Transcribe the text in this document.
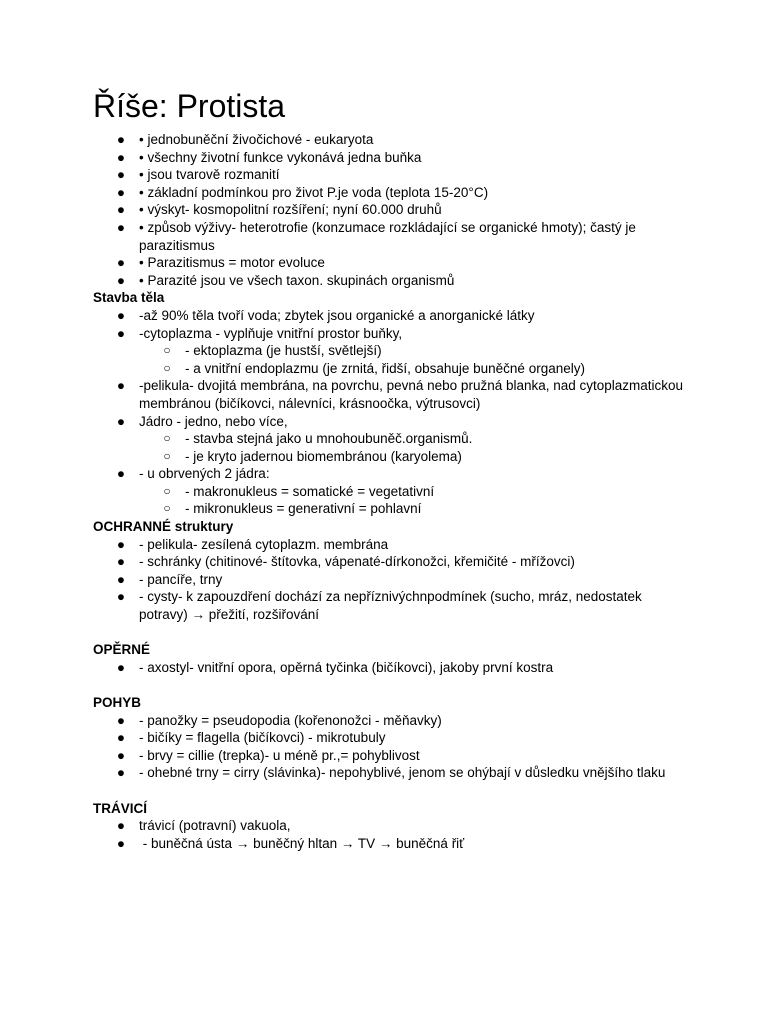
Říše: Protista
● • jednobuněční živočichové - eukaryota
● • všechny životní funkce vykonává jedna buňka
● • jsou tvarově rozmanití
● • základní podmínkou pro život P.je voda (teplota 15-20°C)
● • výskyt- kosmopolitní rozšíření; nyní 60.000 druhů
● • způsob výživy- heterotrofie (konzumace rozkládající se organické hmoty); častý je parazitismus
● • Parazitismus = motor evoluce
● • Parazité jsou ve všech taxon. skupinách organismů
Stavba těla
● -až 90% těla tvoří voda; zbytek jsou organické a anorganické látky
● -cytoplazma - vyplňuje vnitřní prostor buňky,
○ - ektoplazma (je hustší, světlejší)
○ - a vnitřní endoplazmu (je zrnitá, řidší, obsahuje buněčné organely)
● -pelikula- dvojitá membrána, na povrchu, pevná nebo pružná blanka, nad cytoplazmatickou membránou (bičíkovci, nálevníci, krásnoočka, výtrusovci)
● Jádro - jedno, nebo více,
○ - stavba stejná jako u mnohoubuněč.organismů.
○ - je kryto jadernou biomembránou (karyolema)
● - u obrvených 2 jádra:
○ - makronukleus = somatické = vegetativní
○ - mikronukleus = generativní = pohlavní
OCHRANNÉ struktury
● - pelikula- zesílená cytoplazm. membrána
● - schránky (chitinové- štítovka, vápenaté-dírkonožci, křemičité - mřížovci)
● - pancíře, trny
● - cysty- k zapouzdření dochází za nepříznivýchnpodmínek (sucho, mráz, nedostatek potravy) → přežití, rozšiřování
OPĚRNÉ
● - axostyl- vnitřní opora, opěrná tyčinka (bičíkovci), jakoby první kostra
POHYB
● - panožky = pseudopodia (kořenonožci - měňavky)
● - bičíky = flagella (bičíkovci) - mikrotubuly
● - brvy = cillie (trepka)- u méně pr.,= pohyblivost
● - ohebné trny = cirry (slávinka)- nepohyblivé, jenom se ohýbají v důsledku vnějšího tlaku
TRÁVICÍ
● trávicí (potravní) vakuola,
● - buněčná ústa → buněčný hltan → TV → buněčná řiť
